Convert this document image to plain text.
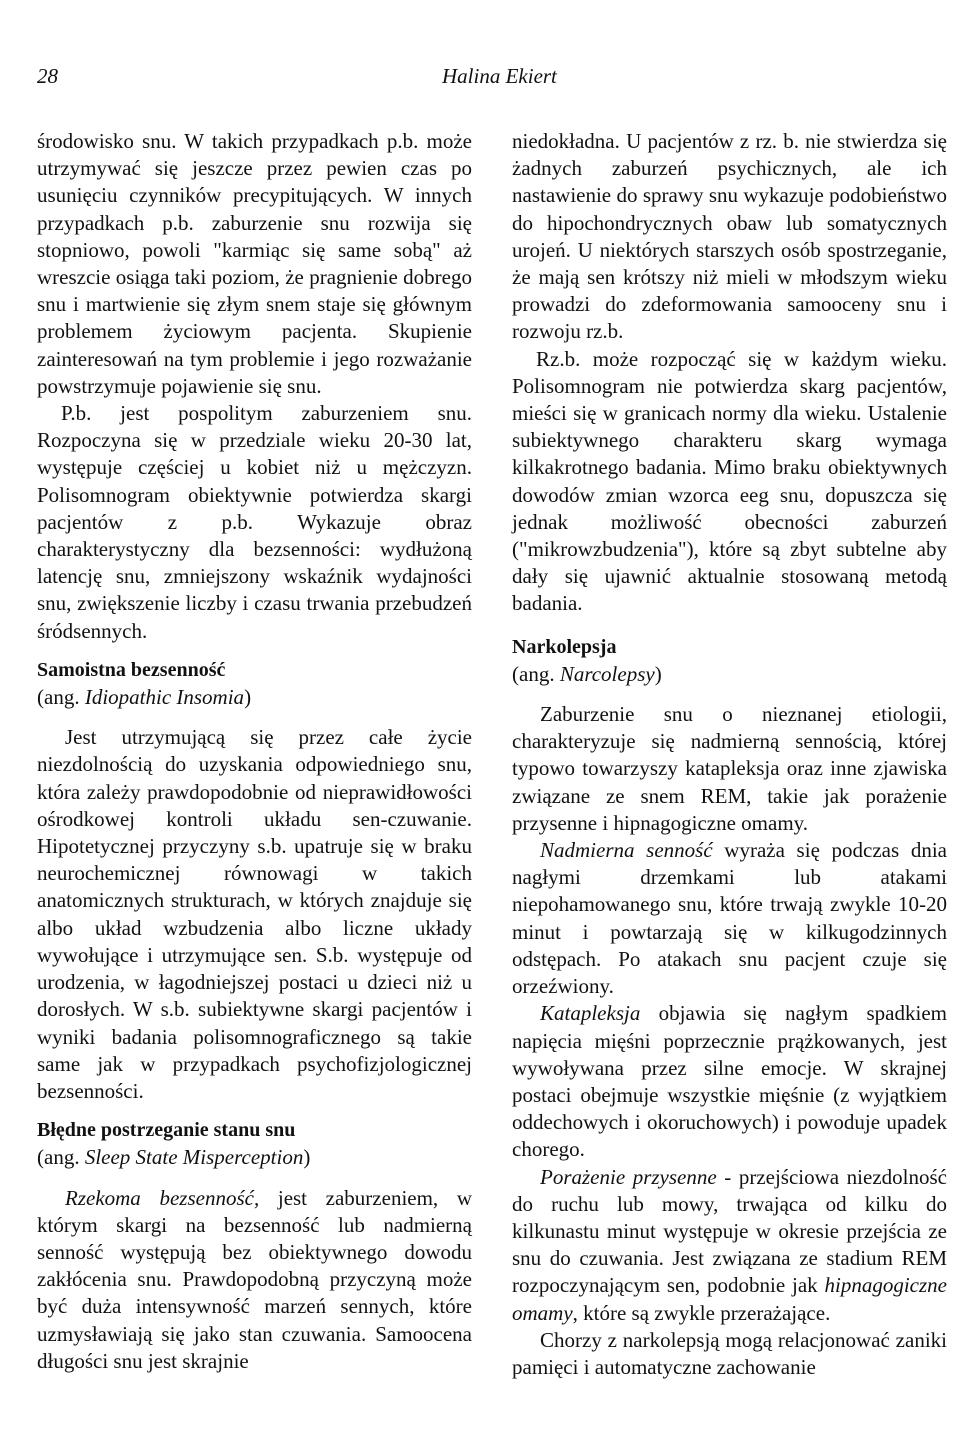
28	Halina Ekiert

środowisko snu. W takich przypadkach p.b. może utrzymywać się jeszcze przez pewien czas po usunięciu czynników precypitujących. W innych przypadkach p.b. zaburzenie snu rozwija się stopniowo, powoli "karmiąc się same sobą" aż wreszcie osiąga taki poziom, że pragnienie dobrego snu i martwienie się złym snem staje się głównym problemem życiowym pacjenta. Skupienie zainteresowań na tym problemie i jego rozważanie powstrzymuje pojawienie się snu.

P.b. jest pospolitym zaburzeniem snu. Rozpoczyna się w przedziale wieku 20-30 lat, występuje częściej u kobiet niż u mężczyzn. Polisomnogram obiektywnie potwierdza skargi pacjentów z p.b. Wykazuje obraz charakterystyczny dla bezsenności: wydłużoną latencję snu, zmniejszony wskaźnik wydajności snu, zwiększenie liczby i czasu trwania przebudzeń śródsennych.

Samoistna bezsenność

(ang. Idiopathic Insomia)

Jest utrzymującą się przez całe życie niezdolnością do uzyskania odpowiedniego snu, która zależy prawdopodobnie od nieprawidłowości ośrodkowej kontroli układu sen-czuwanie. Hipotetycznej przyczyny s.b. upatruje się w braku neurochemicznej równowagi w takich anatomicznych strukturach, w których znajduje się albo układ wzbudzenia albo liczne układy wywołujące i utrzymujące sen. S.b. występuje od urodzenia, w łagodniejszej postaci u dzieci niż u dorosłych. W s.b. subiektywne skargi pacjentów i wyniki badania polisomnograficznego są takie same jak w przypadkach psychofizjologicznej bezsenności.

Błędne postrzeganie stanu snu

(ang. Sleep State Misperception)

Rzekoma bezsenność, jest zaburzeniem, w którym skargi na bezsenność lub nadmierną senność występują bez obiektywnego dowodu zakłócenia snu. Prawdopodobną przyczyną może być duża intensywność marzeń sennych, które uzmysławiają się jako stan czuwania. Samoocena długości snu jest skrajnie

niedokładna. U pacjentów z rz. b. nie stwierdza się żadnych zaburzeń psychicznych, ale ich nastawienie do sprawy snu wykazuje podobieństwo do hipochondrycznych obaw lub somatycznych urojeń. U niektórych starszych osób spostrzeganie, że mają sen krótszy niż mieli w młodszym wieku prowadzi do zdeformowania samooceny snu i rozwoju rz.b.

Rz.b. może rozpocząć się w każdym wieku. Polisomnogram nie potwierdza skarg pacjentów, mieści się w granicach normy dla wieku. Ustalenie subiektywnego charakteru skarg wymaga kilkakrotnego badania. Mimo braku obiektywnych dowodów zmian wzorca eeg snu, dopuszcza się jednak możliwość obecności zaburzeń ("mikrowzbudzenia"), które są zbyt subtelne aby dały się ujawnić aktualnie stosowaną metodą badania.

Narkolepsja

(ang. Narcolepsy)

Zaburzenie snu o nieznanej etiologii, charakteryzuje się nadmierną sennością, której typowo towarzyszy katapleksja oraz inne zjawiska związane ze snem REM, takie jak porażenie przysenne i hipnagogiczne omamy.

Nadmierna senność wyraża się podczas dnia nagłymi drzemkami lub atakami niepohamowanego snu, które trwają zwykle 10-20 minut i powtarzają się w kilkugodzinnych odstępach. Po atakach snu pacjent czuje się orzeźwiony.

Katapleksja objawia się nagłym spadkiem napięcia mięśni poprzecznie prążkowanych, jest wywoływana przez silne emocje. W skrajnej postaci obejmuje wszystkie mięśnie (z wyjątkiem oddechowych i okoruchowych) i powoduje upadek chorego.

Porażenie przysenne - przejściowa niezdolność do ruchu lub mowy, trwająca od kilku do kilkunastu minut występuje w okresie przejścia ze snu do czuwania. Jest związana ze stadium REM rozpoczynającym sen, podobnie jak hipnagogiczne omamy, które są zwykle przerażające.

Chorzy z narkolepsją mogą relacjonować zaniki pamięci i automatyczne zachowanie
